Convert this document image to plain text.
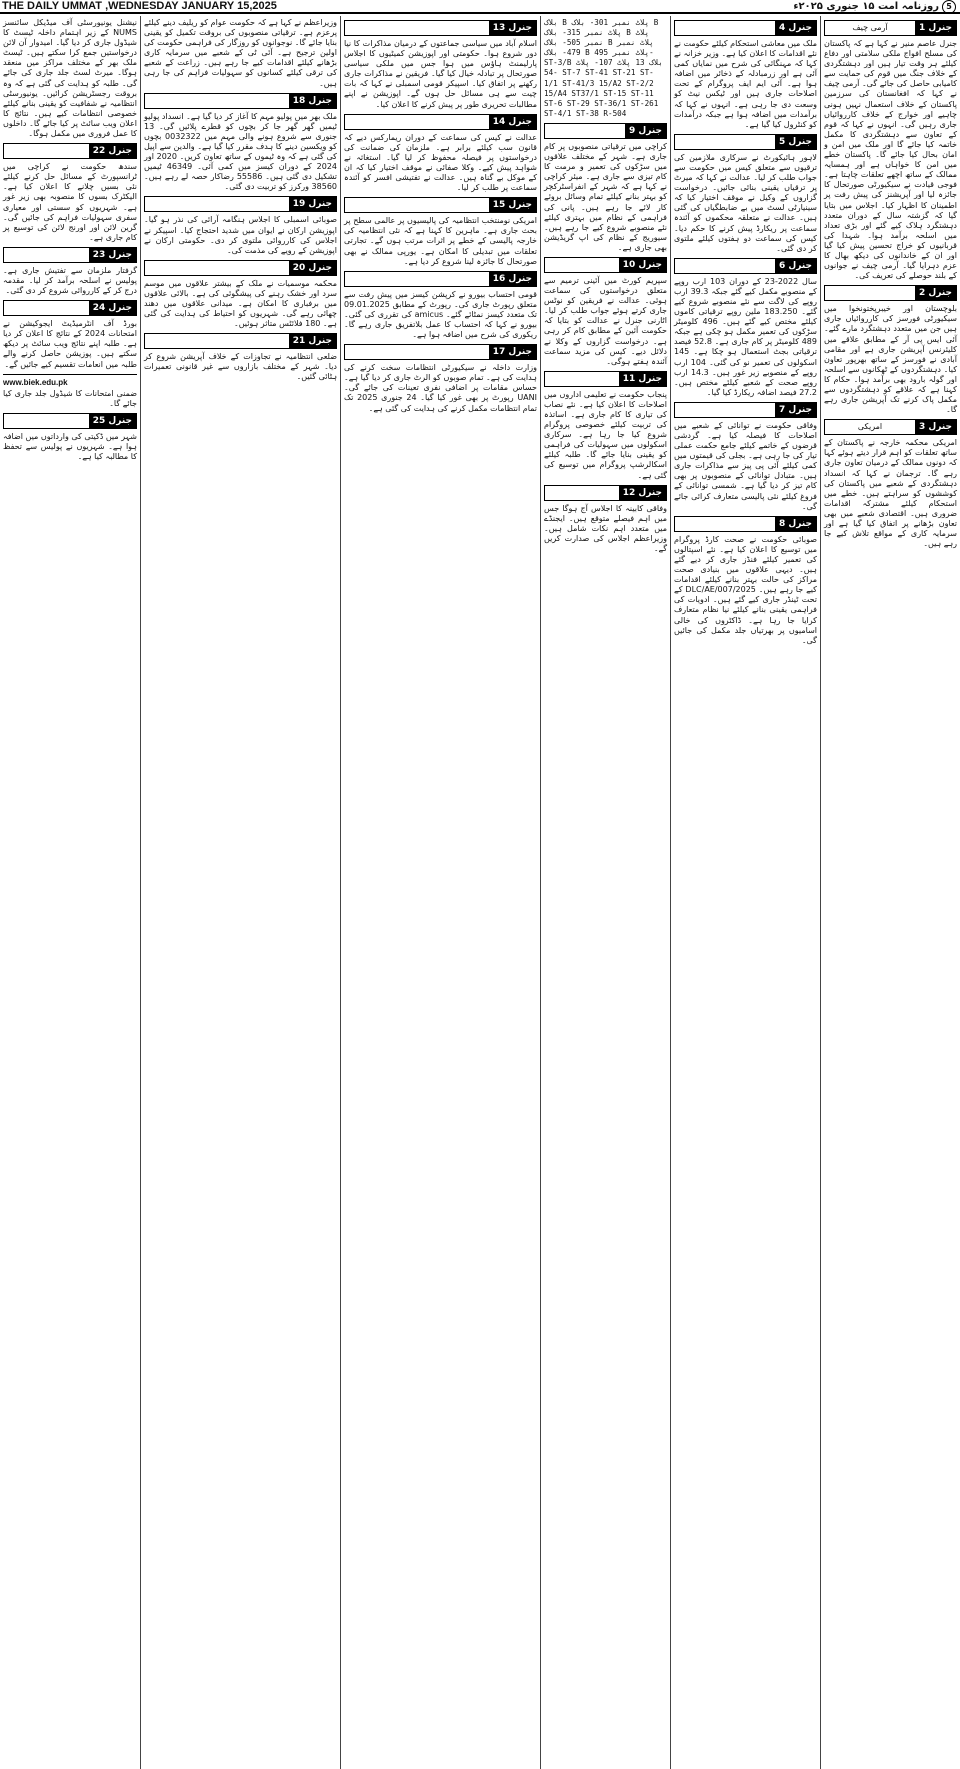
THE DAILY UMMAT ,WEDNESDAY JANUARY 15,2025	5روزنامہ امت ۱۵ جنوری ۲۰۲۵ء
جنرل 1
آرمی چیف
جنرل عاصم منیر نے کہا ہے کہ پاکستان کی مسلح افواج ملکی سلامتی اور دفاع کیلئے ہر وقت تیار ہیں اور دہشتگردی کے خلاف جنگ میں قوم کی حمایت سے کامیابی حاصل کی جائے گی۔ آرمی چیف نے کہا کہ افغانستان کی سرزمین پاکستان کے خلاف استعمال نہیں ہونی چاہیے اور خوارج کے خلاف کارروائیاں جاری رہیں گی۔ انہوں نے کہا کہ قوم کے تعاون سے دہشتگردی کا مکمل خاتمہ کیا جائے گا اور ملک میں امن و امان بحال کیا جائے گا۔ پاکستان خطے میں امن کا خواہاں ہے اور ہمسایہ ممالک کے ساتھ اچھے تعلقات چاہتا ہے۔ فوجی قیادت نے سیکیورٹی صورتحال کا جائزہ لیا اور آپریشنز کی پیش رفت پر اطمینان کا اظہار کیا۔ اجلاس میں بتایا گیا کہ گزشتہ سال کے دوران متعدد دہشتگرد ہلاک کیے گئے اور بڑی تعداد میں اسلحہ برآمد ہوا۔ شہدا کی قربانیوں کو خراج تحسین پیش کیا گیا اور ان کے خاندانوں کی دیکھ بھال کا عزم دہرایا گیا۔ آرمی چیف نے جوانوں کے بلند حوصلے کی تعریف کی۔
جنرل 2
بلوچستان اور خیبرپختونخوا میں سیکیورٹی فورسز کی کارروائیاں جاری ہیں جن میں متعدد دہشتگرد مارے گئے۔ آئی ایس پی آر کے مطابق علاقے میں کلیئرنس آپریشن جاری ہے اور مقامی آبادی نے فورسز کے ساتھ بھرپور تعاون کیا۔ دہشتگردوں کے ٹھکانوں سے اسلحہ اور گولہ بارود بھی برآمد ہوا۔ حکام کا کہنا ہے کہ علاقے کو دہشتگردوں سے مکمل پاک کرنے تک آپریشن جاری رہے گا۔
جنرل 3
امریکی
امریکی محکمہ خارجہ نے پاکستان کے ساتھ تعلقات کو اہم قرار دیتے ہوئے کہا کہ دونوں ممالک کے درمیان تعاون جاری رہے گا۔ ترجمان نے کہا کہ انسداد دہشتگردی کے شعبے میں پاکستان کی کوششوں کو سراہتے ہیں۔ خطے میں استحکام کیلئے مشترکہ اقدامات ضروری ہیں۔ اقتصادی شعبے میں بھی تعاون بڑھانے پر اتفاق کیا گیا ہے اور سرمایہ کاری کے مواقع تلاش کیے جا رہے ہیں۔
جنرل 4
ملک میں معاشی استحکام کیلئے حکومت نے نئے اقدامات کا اعلان کیا ہے۔ وزیر خزانہ نے کہا کہ مہنگائی کی شرح میں نمایاں کمی آئی ہے اور زرمبادلہ کے ذخائر میں اضافہ ہوا ہے۔ آئی ایم ایف پروگرام کے تحت اصلاحات جاری ہیں اور ٹیکس نیٹ کو وسعت دی جا رہی ہے۔ انہوں نے کہا کہ برآمدات میں اضافہ ہوا ہے جبکہ درآمدات کو کنٹرول کیا گیا ہے۔
جنرل 5
لاہور ہائیکورٹ نے سرکاری ملازمین کی ترقیوں سے متعلق کیس میں حکومت سے جواب طلب کر لیا۔ عدالت نے کہا کہ میرٹ پر ترقیاں یقینی بنائی جائیں۔ درخواست گزاروں کے وکیل نے موقف اختیار کیا کہ سینیارٹی لسٹ میں بے ضابطگیاں کی گئی ہیں۔ عدالت نے متعلقہ محکموں کو آئندہ سماعت پر ریکارڈ پیش کرنے کا حکم دیا۔ کیس کی سماعت دو ہفتوں کیلئے ملتوی کر دی گئی۔
جنرل 6
سال 2022-23 کے دوران 103 ارب روپے کے منصوبے مکمل کیے گئے جبکہ 39.3 ارب روپے کی لاگت سے نئے منصوبے شروع کیے گئے۔ 183.250 ملین روپے ترقیاتی کاموں کیلئے مختص کیے گئے ہیں۔ 496 کلومیٹر سڑکوں کی تعمیر مکمل ہو چکی ہے جبکہ 489 کلومیٹر پر کام جاری ہے۔ 52.8 فیصد ترقیاتی بجٹ استعمال ہو چکا ہے۔ 145 اسکولوں کی تعمیر نو کی گئی۔ 104 ارب روپے کے منصوبے زیر غور ہیں۔ 14.3 ارب روپے صحت کے شعبے کیلئے مختص ہیں۔ 27.2 فیصد اضافہ ریکارڈ کیا گیا۔
جنرل 7
وفاقی حکومت نے توانائی کے شعبے میں اصلاحات کا فیصلہ کیا ہے۔ گردشی قرضوں کے خاتمے کیلئے جامع حکمت عملی تیار کی جا رہی ہے۔ بجلی کی قیمتوں میں کمی کیلئے آئی پی پیز سے مذاکرات جاری ہیں۔ متبادل توانائی کے منصوبوں پر بھی کام تیز کر دیا گیا ہے۔ شمسی توانائی کے فروغ کیلئے نئی پالیسی متعارف کرائی جائے گی۔
جنرل 8
صوبائی حکومت نے صحت کارڈ پروگرام میں توسیع کا اعلان کیا ہے۔ نئے اسپتالوں کی تعمیر کیلئے فنڈز جاری کر دیے گئے ہیں۔ دیہی علاقوں میں بنیادی صحت مراکز کی حالت بہتر بنانے کیلئے اقدامات کیے جا رہے ہیں۔ DLC/AE/007/2025 کے تحت ٹینڈر جاری کیے گئے ہیں۔ ادویات کی فراہمی یقینی بنانے کیلئے نیا نظام متعارف کرایا جا رہا ہے۔ ڈاکٹروں کی خالی اسامیوں پر بھرتیاں جلد مکمل کی جائیں گی۔
بلاک B پلاٹ نمبر 301- بلاک B پلاٹ نمبر 315- بلاک B پلاٹ نمبر 505- بلاک B پلاٹ نمبر 479- بلاک B پلاٹ نمبر 495- ST-3/B بلاک 13 پلاٹ 107- پلاٹ 54- ST-7 ST-41 ST-21 ST-1/1 ST-41/3 15/A2 ST-2/2 15/A4 ST37/1 ST-15 ST-11 ST-6 ST-29 ST-36/1 ST-261 ST-4/1 ST-38 R-504
جنرل 9
کراچی میں ترقیاتی منصوبوں پر کام جاری ہے۔ شہر کے مختلف علاقوں میں سڑکوں کی تعمیر و مرمت کا کام تیزی سے جاری ہے۔ میئر کراچی نے کہا ہے کہ شہر کے انفراسٹرکچر کو بہتر بنانے کیلئے تمام وسائل بروئے کار لائے جا رہے ہیں۔ پانی کی فراہمی کے نظام میں بہتری کیلئے نئے منصوبے شروع کیے جا رہے ہیں۔ سیوریج کے نظام کی اپ گریڈیشن بھی جاری ہے۔
جنرل 10
سپریم کورٹ میں آئینی ترمیم سے متعلق درخواستوں کی سماعت ہوئی۔ عدالت نے فریقین کو نوٹس جاری کرتے ہوئے جواب طلب کر لیا۔ اٹارنی جنرل نے عدالت کو بتایا کہ حکومت آئین کے مطابق کام کر رہی ہے۔ درخواست گزاروں کے وکلا نے دلائل دیے۔ کیس کی مزید سماعت آئندہ ہفتے ہوگی۔
جنرل 11
پنجاب حکومت نے تعلیمی اداروں میں اصلاحات کا اعلان کیا ہے۔ نئے نصاب کی تیاری کا کام جاری ہے۔ اساتذہ کی تربیت کیلئے خصوصی پروگرام شروع کیا جا رہا ہے۔ سرکاری اسکولوں میں سہولیات کی فراہمی کو یقینی بنایا جائے گا۔ طلبہ کیلئے اسکالرشپ پروگرام میں توسیع کی گئی ہے۔
جنرل 12
وفاقی کابینہ کا اجلاس آج ہوگا جس میں اہم فیصلے متوقع ہیں۔ ایجنڈے میں متعدد اہم نکات شامل ہیں۔ وزیراعظم اجلاس کی صدارت کریں گے۔
جنرل 13
اسلام آباد میں سیاسی جماعتوں کے درمیان مذاکرات کا نیا دور شروع ہوا۔ حکومتی اور اپوزیشن کمیٹیوں کا اجلاس پارلیمنٹ ہاؤس میں ہوا جس میں ملکی سیاسی صورتحال پر تبادلہ خیال کیا گیا۔ فریقین نے مذاکرات جاری رکھنے پر اتفاق کیا۔ اسپیکر قومی اسمبلی نے کہا کہ بات چیت سے ہی مسائل حل ہوں گے۔ اپوزیشن نے اپنے مطالبات تحریری طور پر پیش کرنے کا اعلان کیا۔
جنرل 14
عدالت نے کیس کی سماعت کے دوران ریمارکس دیے کہ قانون سب کیلئے برابر ہے۔ ملزمان کی ضمانت کی درخواستوں پر فیصلہ محفوظ کر لیا گیا۔ استغاثہ نے شواہد پیش کیے۔ وکلا صفائی نے موقف اختیار کیا کہ ان کے موکل بے گناہ ہیں۔ عدالت نے تفتیشی افسر کو آئندہ سماعت پر طلب کر لیا۔
جنرل 15
امریکی نومنتخب انتظامیہ کی پالیسیوں پر عالمی سطح پر بحث جاری ہے۔ ماہرین کا کہنا ہے کہ نئی انتظامیہ کی خارجہ پالیسی کے خطے پر اثرات مرتب ہوں گے۔ تجارتی تعلقات میں تبدیلی کا امکان ہے۔ یورپی ممالک نے بھی صورتحال کا جائزہ لینا شروع کر دیا ہے۔
جنرل 16
قومی احتساب بیورو نے کرپشن کیسز میں پیش رفت سے متعلق رپورٹ جاری کی۔ رپورٹ کے مطابق 09.01.2025 تک متعدد کیسز نمٹائے گئے۔ amicus کی تقرری کی گئی۔ بیورو نے کہا کہ احتساب کا عمل بلاتفریق جاری رہے گا۔ ریکوری کی شرح میں اضافہ ہوا ہے۔
جنرل 17
وزارت داخلہ نے سیکیورٹی انتظامات سخت کرنے کی ہدایت کی ہے۔ تمام صوبوں کو الرٹ جاری کر دیا گیا ہے۔ حساس مقامات پر اضافی نفری تعینات کی جائے گی۔ UANI رپورٹ پر بھی غور کیا گیا۔ 24 جنوری 2025 تک تمام انتظامات مکمل کرنے کی ہدایت کی گئی ہے۔
وزیراعظم نے کہا ہے کہ حکومت عوام کو ریلیف دینے کیلئے پرعزم ہے۔ ترقیاتی منصوبوں کی بروقت تکمیل کو یقینی بنایا جائے گا۔ نوجوانوں کو روزگار کی فراہمی حکومت کی اولین ترجیح ہے۔ آئی ٹی کے شعبے میں سرمایہ کاری بڑھانے کیلئے اقدامات کیے جا رہے ہیں۔ زراعت کے شعبے کی ترقی کیلئے کسانوں کو سہولیات فراہم کی جا رہی ہیں۔
جنرل 18
ملک بھر میں پولیو مہم کا آغاز کر دیا گیا ہے۔ انسداد پولیو ٹیمیں گھر گھر جا کر بچوں کو قطرے پلائیں گی۔ 13 جنوری سے شروع ہونے والی مہم میں 0032322 بچوں کو ویکسین دینے کا ہدف مقرر کیا گیا ہے۔ والدین سے اپیل کی گئی ہے کہ وہ ٹیموں کے ساتھ تعاون کریں۔ 2020 اور 2024 کے دوران کیسز میں کمی آئی۔ 46349 ٹیمیں تشکیل دی گئی ہیں۔ 55586 رضاکار حصہ لے رہے ہیں۔ 38560 ورکرز کو تربیت دی گئی۔
جنرل 19
صوبائی اسمبلی کا اجلاس ہنگامہ آرائی کی نذر ہو گیا۔ اپوزیشن ارکان نے ایوان میں شدید احتجاج کیا۔ اسپیکر نے اجلاس کی کارروائی ملتوی کر دی۔ حکومتی ارکان نے اپوزیشن کے رویے کی مذمت کی۔
جنرل 20
محکمہ موسمیات نے ملک کے بیشتر علاقوں میں موسم سرد اور خشک رہنے کی پیشگوئی کی ہے۔ بالائی علاقوں میں برفباری کا امکان ہے۔ میدانی علاقوں میں دھند چھائی رہے گی۔ شہریوں کو احتیاط کی ہدایت کی گئی ہے۔ 180 فلائٹس متاثر ہوئیں۔
جنرل 21
ضلعی انتظامیہ نے تجاوزات کے خلاف آپریشن شروع کر دیا۔ شہر کے مختلف بازاروں سے غیر قانونی تعمیرات ہٹائی گئیں۔
نیشنل یونیورسٹی آف میڈیکل سائنسز NUMS کے زیر اہتمام داخلہ ٹیسٹ کا شیڈول جاری کر دیا گیا۔ امیدوار آن لائن درخواستیں جمع کرا سکتے ہیں۔ ٹیسٹ ملک بھر کے مختلف مراکز میں منعقد ہوگا۔ میرٹ لسٹ جلد جاری کی جائے گی۔ طلبہ کو ہدایت کی گئی ہے کہ وہ بروقت رجسٹریشن کرائیں۔ یونیورسٹی انتظامیہ نے شفافیت کو یقینی بنانے کیلئے خصوصی انتظامات کیے ہیں۔ نتائج کا اعلان ویب سائٹ پر کیا جائے گا۔ داخلوں کا عمل فروری میں مکمل ہوگا۔
جنرل 22
سندھ حکومت نے کراچی میں ٹرانسپورٹ کے مسائل حل کرنے کیلئے نئی بسیں چلانے کا اعلان کیا ہے۔ الیکٹرک بسوں کا منصوبہ بھی زیر غور ہے۔ شہریوں کو سستی اور معیاری سفری سہولیات فراہم کی جائیں گی۔ گرین لائن اور اورنج لائن کی توسیع پر کام جاری ہے۔
جنرل 23
گرفتار ملزمان سے تفتیش جاری ہے۔ پولیس نے اسلحہ برآمد کر لیا۔ مقدمہ درج کر کے کارروائی شروع کر دی گئی۔
جنرل 24
بورڈ آف انٹرمیڈیٹ ایجوکیشن نے امتحانات 2024 کے نتائج کا اعلان کر دیا ہے۔ طلبہ اپنے نتائج ویب سائٹ پر دیکھ سکتے ہیں۔ پوزیشن حاصل کرنے والے طلبہ میں انعامات تقسیم کیے جائیں گے۔
www.biek.edu.pk
ضمنی امتحانات کا شیڈول جلد جاری کیا جائے گا۔
جنرل 25
شہر میں ڈکیتی کی وارداتوں میں اضافہ ہوا ہے۔ شہریوں نے پولیس سے تحفظ کا مطالبہ کیا ہے۔
